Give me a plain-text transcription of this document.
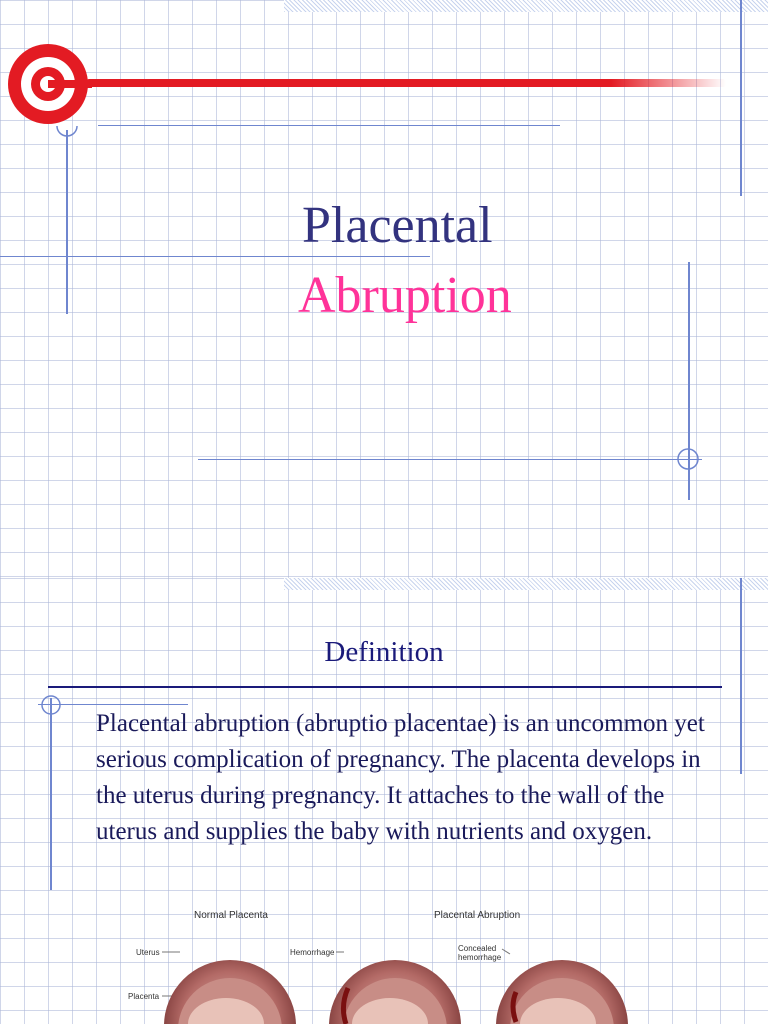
Placental
Abruption
Definition

Placental abruption (abruptio placentae) is an uncommon yet serious complication of pregnancy. The placenta develops in the uterus during pregnancy. It attaches to the wall of the uterus and supplies the baby with nutrients and oxygen.

Normal Placenta	Placental Abruption
Uterus
Placenta
Hemorrhage	Concealed
hemorrhage
